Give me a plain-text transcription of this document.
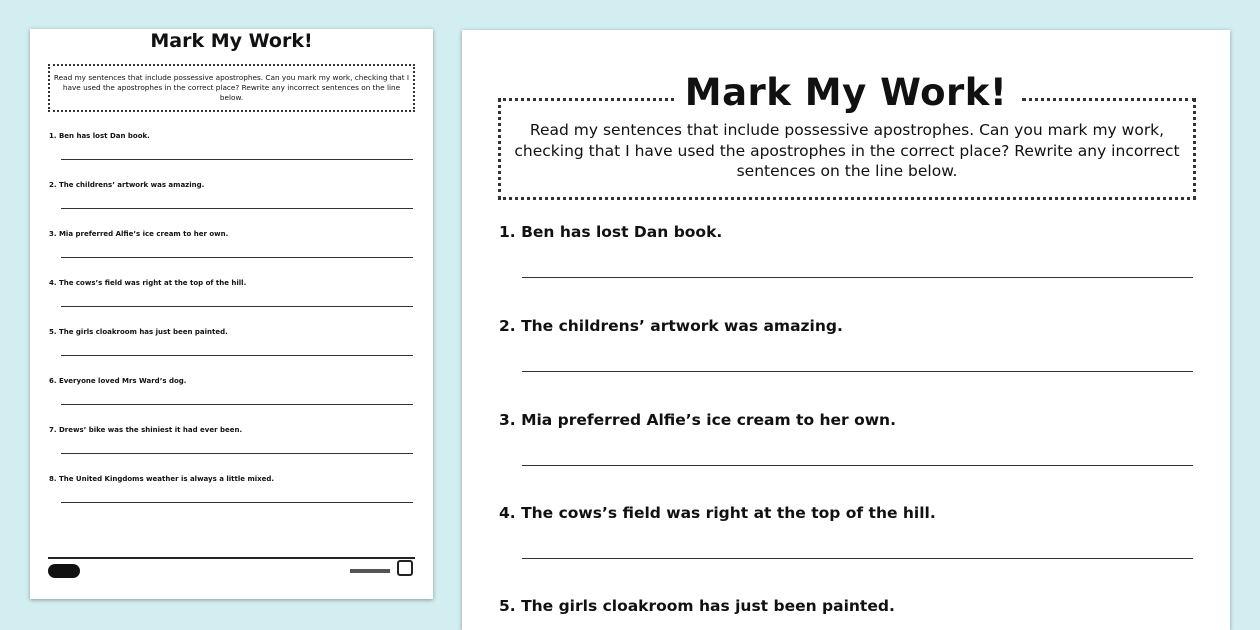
Mark My Work!
Read my sentences that include possessive apostrophes. Can you mark my work, checking that I have used the apostrophes in the correct place? Rewrite any incorrect sentences on the line below.
1. Ben has lost Dan book.
2. The childrens’ artwork was amazing.
3. Mia preferred Alfie’s ice cream to her own.
4. The cows’s field was right at the top of the hill.
5. The girls cloakroom has just been painted.
6. Everyone loved Mrs Ward’s dog.
7. Drews’ bike was the shiniest it had ever been.
8. The United Kingdoms weather is always a little mixed.
Mark My Work!
Read my sentences that include possessive apostrophes. Can you mark my work, checking that I have used the apostrophes in the correct place? Rewrite any incorrect sentences on the line below.
1. Ben has lost Dan book.
2. The childrens’ artwork was amazing.
3. Mia preferred Alfie’s ice cream to her own.
4. The cows’s field was right at the top of the hill.
5. The girls cloakroom has just been painted.
